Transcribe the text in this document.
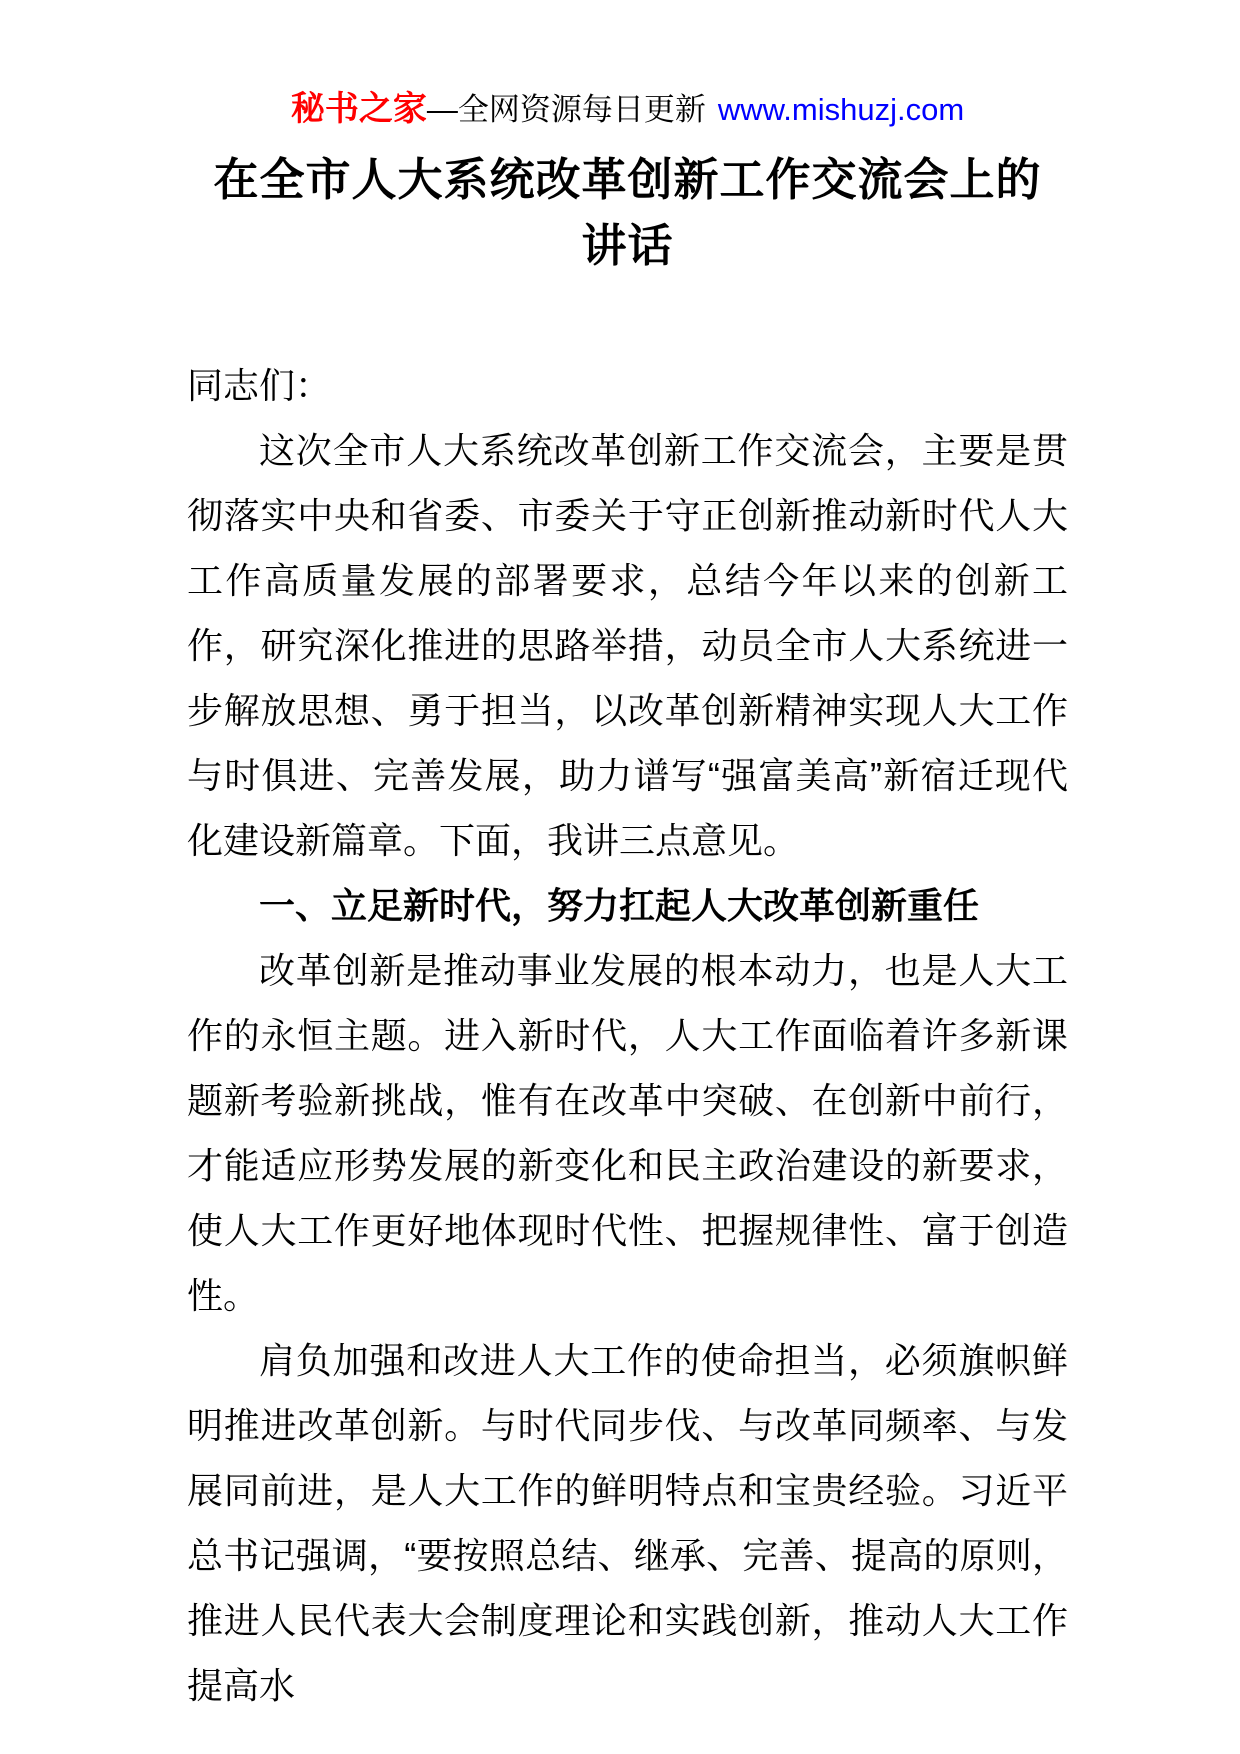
秘书之家—全网资源每日更新 www.mishuzj.com
在全市人大系统改革创新工作交流会上的讲话

同志们：

这次全市人大系统改革创新工作交流会，主要是贯彻落实中央和省委、市委关于守正创新推动新时代人大工作高质量发展的部署要求，总结今年以来的创新工作，研究深化推进的思路举措，动员全市人大系统进一步解放思想、勇于担当，以改革创新精神实现人大工作与时俱进、完善发展，助力谱写“强富美高”新宿迁现代化建设新篇章。下面，我讲三点意见。

一、立足新时代，努力扛起人大改革创新重任

改革创新是推动事业发展的根本动力，也是人大工作的永恒主题。进入新时代，人大工作面临着许多新课题新考验新挑战，惟有在改革中突破、在创新中前行，才能适应形势发展的新变化和民主政治建设的新要求，使人大工作更好地体现时代性、把握规律性、富于创造性。

肩负加强和改进人大工作的使命担当，必须旗帜鲜明推进改革创新。与时代同步伐、与改革同频率、与发展同前进，是人大工作的鲜明特点和宝贵经验。习近平总书记强调，“要按照总结、继承、完善、提高的原则，推进人民代表大会制度理论和实践创新，推动人大工作提高水
